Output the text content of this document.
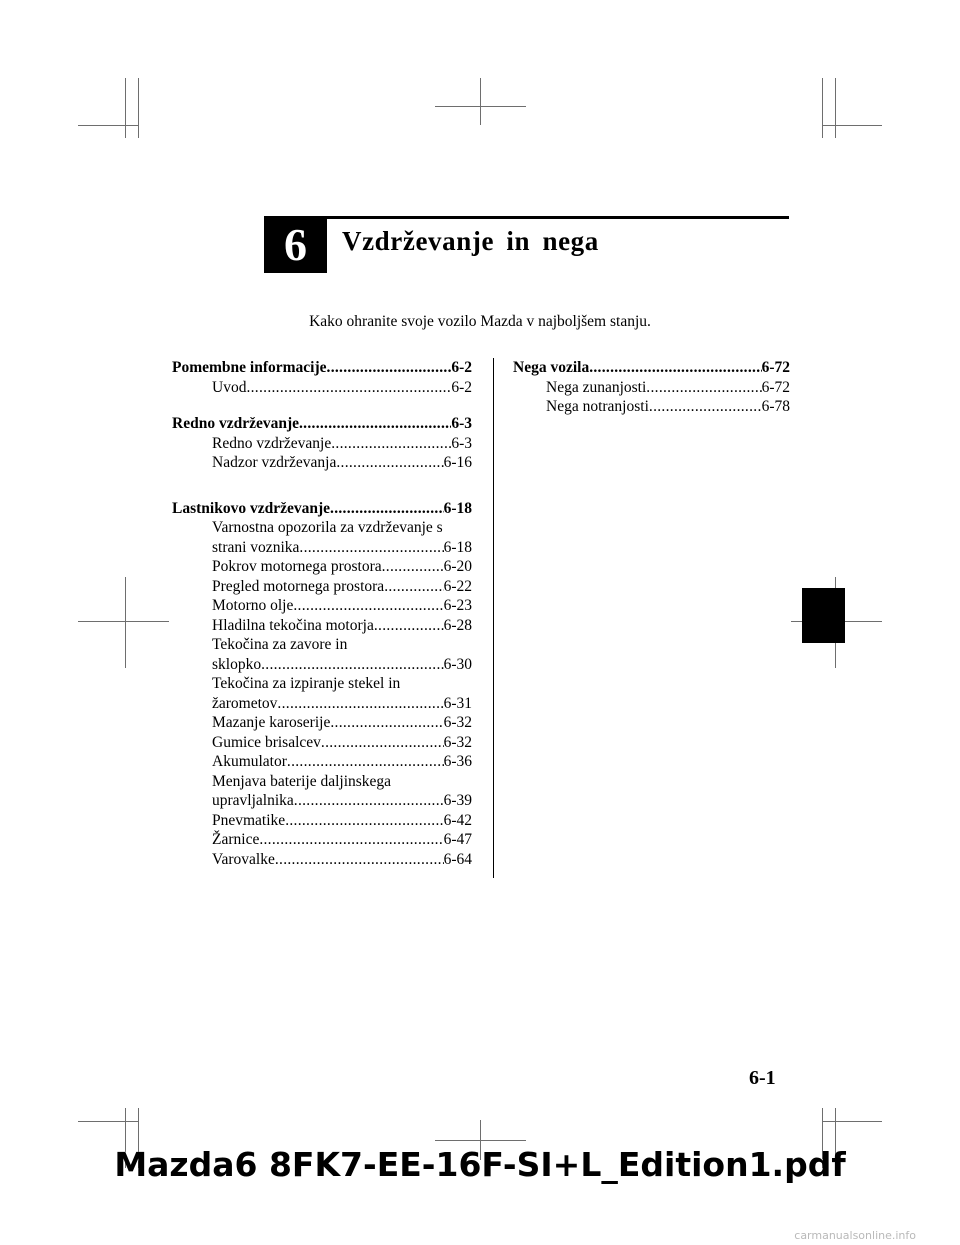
6 Vzdrževanje in nega
Kako ohranite svoje vozilo Mazda v najboljšem stanju.
Pomembne informacije .....	6-2
Uvod .....	6-2
Redno vzdrževanje .....	6-3
Redno vzdrževanje .....	6-3
Nadzor vzdrževanja .....	6-16
Lastnikovo vzdrževanje .....	6-18
Varnostna opozorila za vzdrževanje s
strani voznika .....	6-18
Pokrov motornega prostora .....	6-20
Pregled motornega prostora .....	6-22
Motorno olje .....	6-23
Hladilna tekočina motorja .....	6-28
Tekočina za zavore in
sklopko .....	6-30
Tekočina za izpiranje stekel in
žarometov .....	6-31
Mazanje karoserije .....	6-32
Gumice brisalcev .....	6-32
Akumulator .....	6-36
Menjava baterije daljinskega
upravljalnika .....	6-39
Pnevmatike .....	6-42
Žarnice .....	6-47
Varovalke .....	6-64
Nega vozila .....	6-72
Nega zunanjosti .....	6-72
Nega notranjosti .....	6-78
6-1
Mazda6 8FK7-EE-16F-SI+L_Edition1.pdf
carmanualsonline.info
